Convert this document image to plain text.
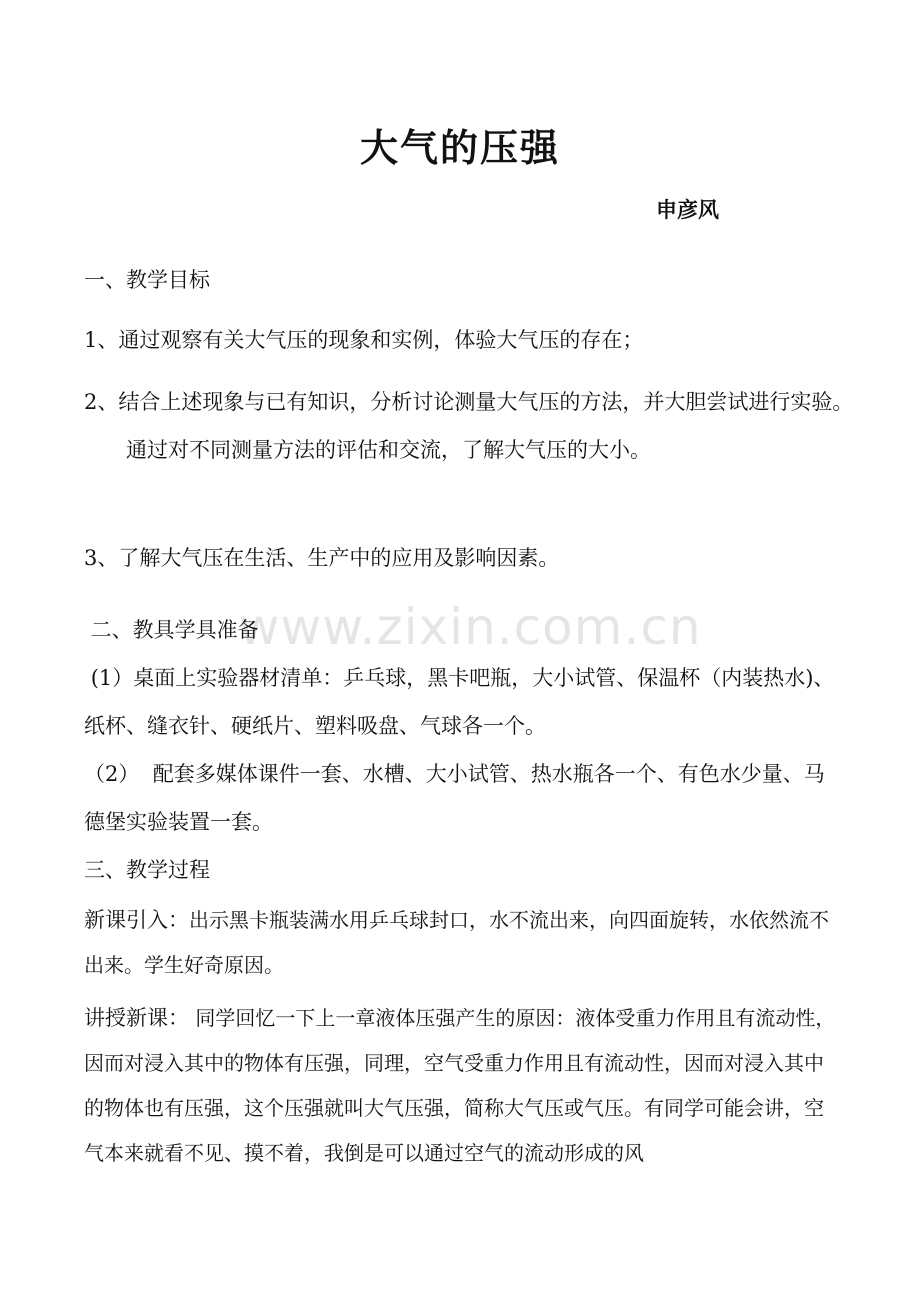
大气的压强
申彦风

一、教学目标

1、通过观察有关大气压的现象和实例，体验大气压的存在；

2、结合上述现象与已有知识，分析讨论测量大气压的方法，并大胆尝试进行实验。通过对不同测量方法的评估和交流，了解大气压的大小。

3、了解大气压在生活、生产中的应用及影响因素。

二、教具学具准备

(1）桌面上实验器材清单：乒乓球，黑卡吧瓶，大小试管、保温杯（内装热水)、纸杯、缝衣针、硬纸片、塑料吸盘、气球各一个。

（2）  配套多媒体课件一套、水槽、大小试管、热水瓶各一个、有色水少量、马德堡实验装置一套。

三、教学过程

新课引入：出示黑卡瓶装满水用乒乓球封口，水不流出来，向四面旋转，水依然流不出来。学生好奇原因。

讲授新课： 同学回忆一下上一章液体压强产生的原因：液体受重力作用且有流动性，因而对浸入其中的物体有压强，同理，空气受重力作用且有流动性，因而对浸入其中的物体也有压强，这个压强就叫大气压强，简称大气压或气压。有同学可能会讲，空气本来就看不见、摸不着，我倒是可以通过空气的流动形成的风

www.zixin.com.cn
